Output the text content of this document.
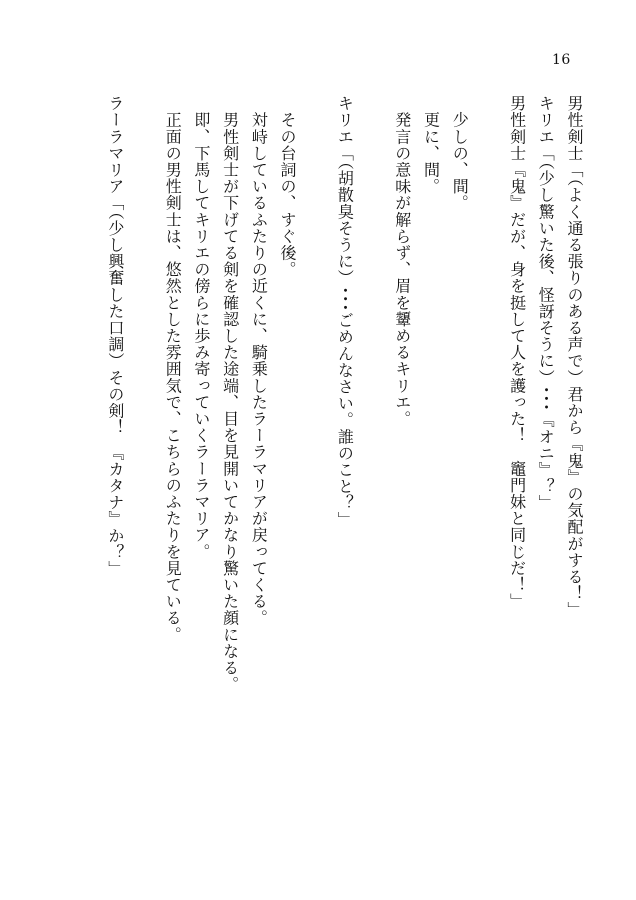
16
男性剣士「（よく通る張りのある声で）君から『鬼』の気配がする！」
キリエ「（少し驚いた後、怪訝そうに）･･･『オニ』？」
男性剣士『鬼』だが、身を挺して人を護った！　竈門妹と同じだ！」
　少しの、間。
　更に、間。
　発言の意味が解らず、眉を顰めるキリエ。
キリエ「（胡散臭そうに）･･･ごめんなさい。誰のこと？」
　その台詞の、すぐ後。
　対峙しているふたりの近くに、騎乗したラーラマリアが戻ってくる。
　男性剣士が下げてる剣を確認した途端、目を見開いてかなり驚いた顔になる。
　即、下馬してキリエの傍らに歩み寄っていくラーラマリア。
　正面の男性剣士は、悠然とした雰囲気で、こちらのふたりを見ている。
ラーラマリア「（少し興奮した口調）その剣！　『カタナ』か？」
